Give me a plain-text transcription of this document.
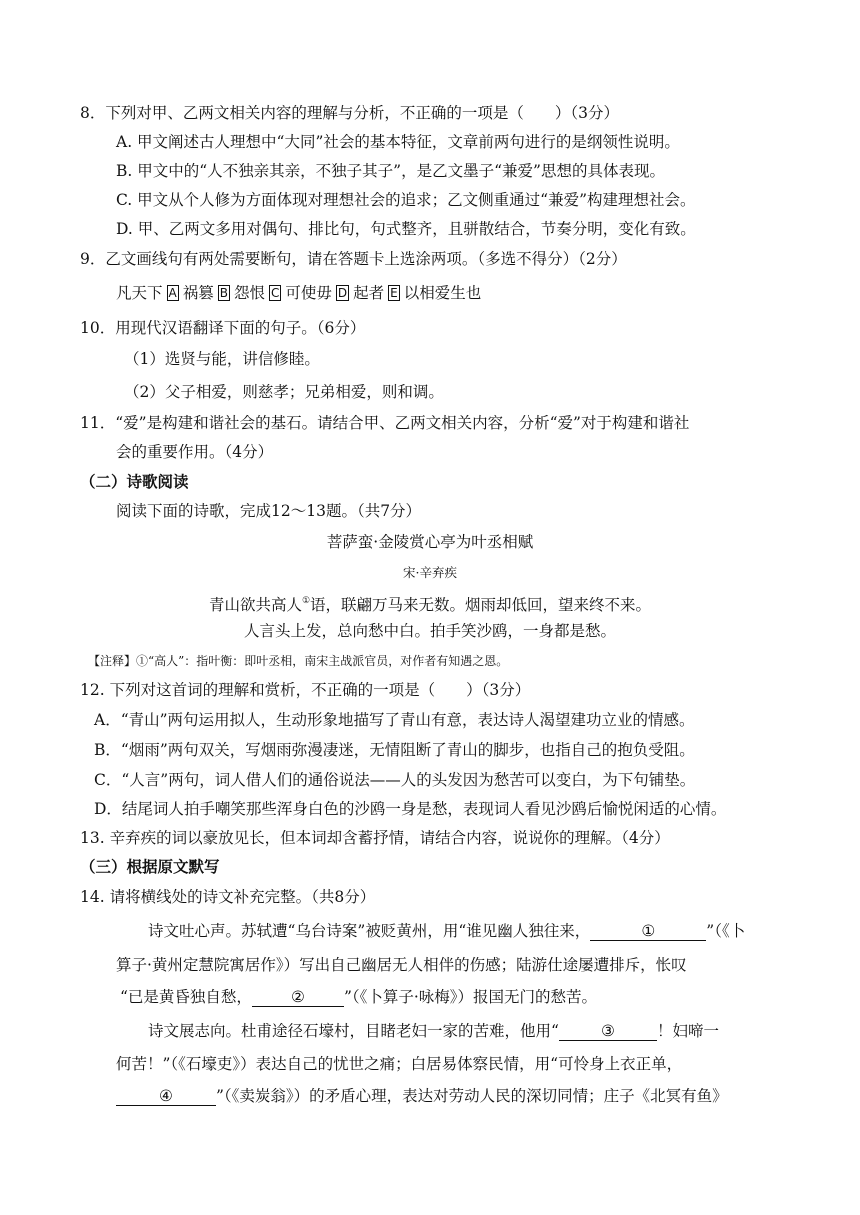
8．下列对甲、乙两文相关内容的理解与分析，不正确的一项是（　　）（3分）
A. 甲文阐述古人理想中“大同”社会的基本特征，文章前两句进行的是纲领性说明。
B. 甲文中的“人不独亲其亲，不独子其子”，是乙文墨子“兼爱”思想的具体表现。
C. 甲文从个人修为方面体现对理想社会的追求；乙文侧重通过“兼爱”构建理想社会。
D. 甲、乙两文多用对偶句、排比句，句式整齐，且骈散结合，节奏分明，变化有致。
9．乙文画线句有两处需要断句，请在答题卡上选涂两项。（多选不得分）（2分）
凡天下 A 祸篡 B 怨恨 C 可使毋 D 起者 E 以相爱生也
10．用现代汉语翻译下面的句子。（6分）
（1）选贤与能，讲信修睦。
（2）父子相爱，则慈孝；兄弟相爱，则和调。
11．“爱”是构建和谐社会的基石。请结合甲、乙两文相关内容，分析“爱”对于构建和谐社
会的重要作用。（4分）
（二）诗歌阅读
阅读下面的诗歌，完成12～13题。（共7分）
菩萨蛮·金陵赏心亭为叶丞相赋
宋·辛弃疾
青山欲共高人①语，联翩万马来无数。烟雨却低回，望来终不来。
人言头上发，总向愁中白。拍手笑沙鸥，一身都是愁。
【注释】①“高人”：指叶衡：即叶丞相，南宋主战派官员，对作者有知遇之恩。
12. 下列对这首词的理解和赏析，不正确的一项是（　　）（3分）
A．“青山”两句运用拟人，生动形象地描写了青山有意，表达诗人渴望建功立业的情感。
B．“烟雨”两句双关，写烟雨弥漫凄迷，无情阻断了青山的脚步，也指自己的抱负受阻。
C．“人言”两句，词人借人们的通俗说法——人的头发因为愁苦可以变白，为下句铺垫。
D．结尾词人拍手嘲笑那些浑身白色的沙鸥一身是愁，表现词人看见沙鸥后愉悦闲适的心情。
13. 辛弃疾的词以豪放见长，但本词却含蓄抒情，请结合内容，说说你的理解。（4分）
（三）根据原文默写
14. 请将横线处的诗文补充完整。（共8分）
诗文吐心声。苏轼遭“乌台诗案”被贬黄州，用“谁见幽人独往来，	①	”（《卜
算子·黄州定慧院寓居作》）写出自己幽居无人相伴的伤感；陆游仕途屡遭排斥，怅叹
“已是黄昏独自愁，	②	”（《卜算子·咏梅》）报国无门的愁苦。
诗文展志向。杜甫途径石壕村，目睹老妇一家的苦难，他用“	③	！妇啼一
何苦！”（《石壕吏》）表达自己的忧世之痛；白居易体察民情，用“可怜身上衣正单，
④	”（《卖炭翁》）的矛盾心理，表达对劳动人民的深切同情；庄子《北冥有鱼》
